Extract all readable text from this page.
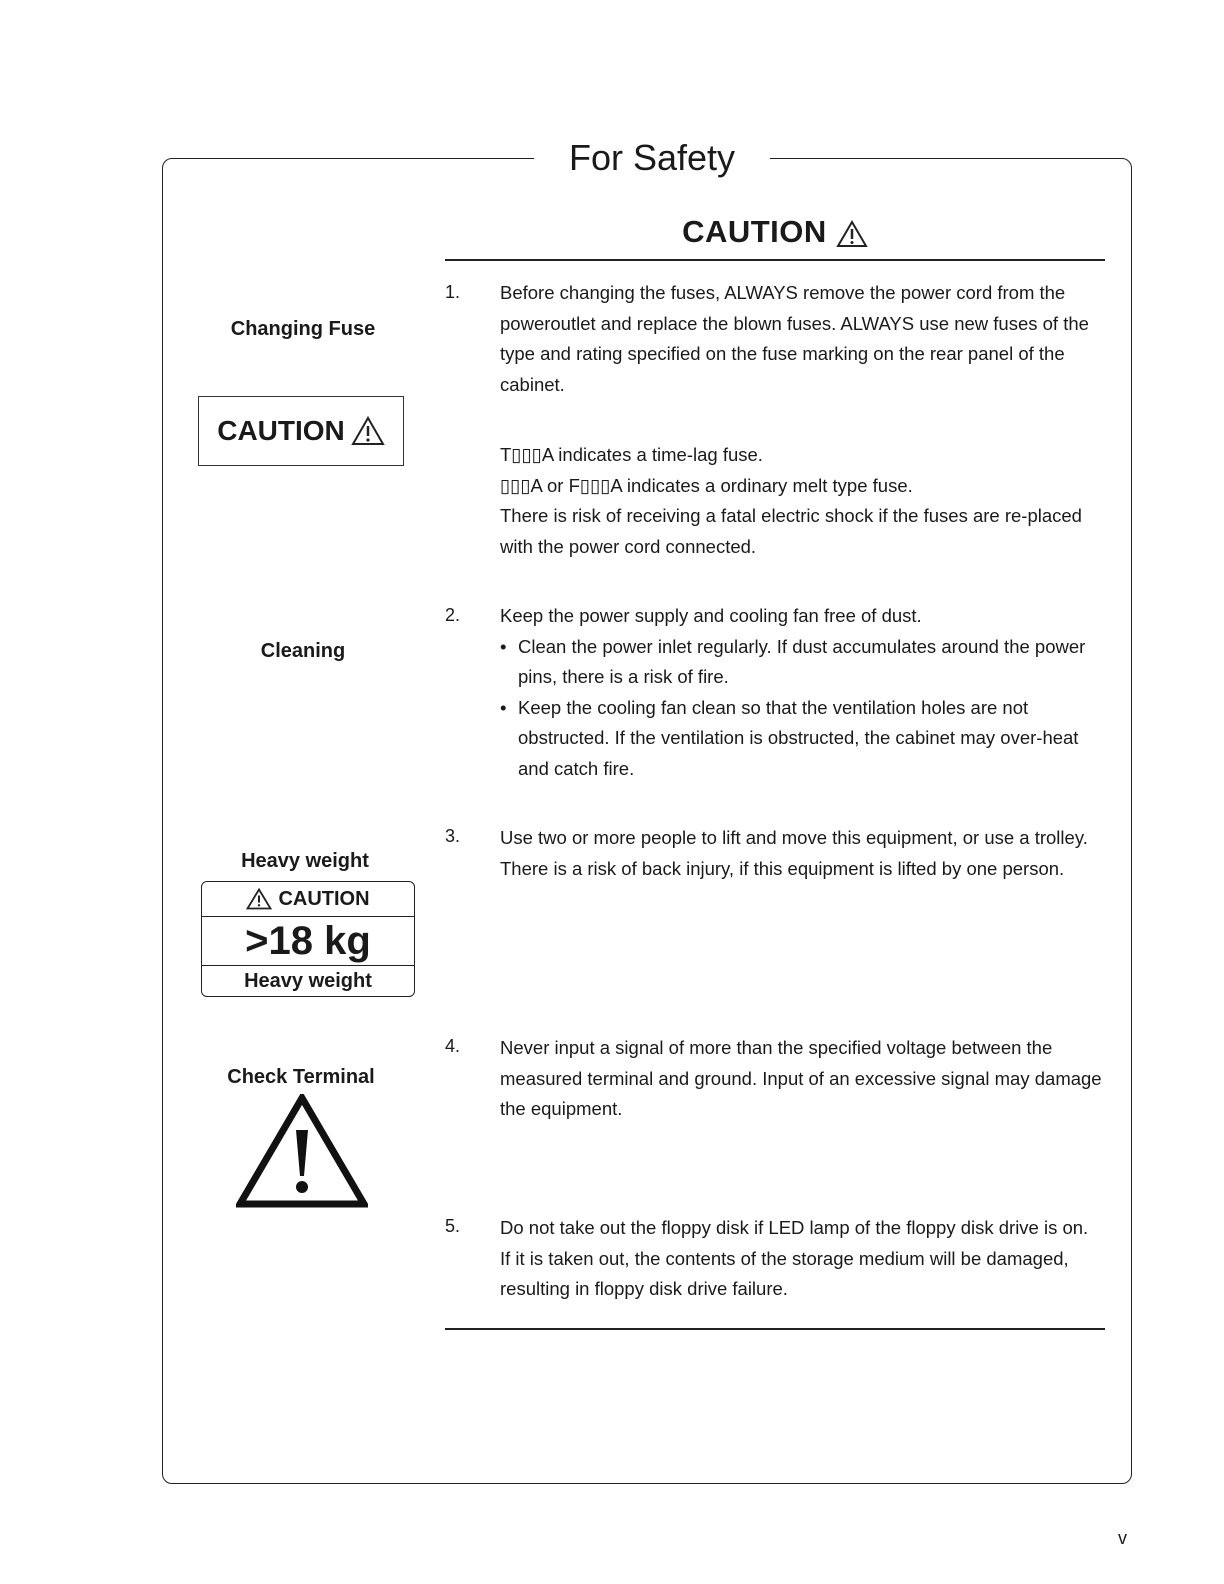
For Safety
CAUTION
Changing Fuse
CAUTION
Cleaning
Heavy weight
CAUTION
>18 kg
Heavy weight
Check Terminal
1. Before changing the fuses, ALWAYS remove the power cord from the poweroutlet and replace the blown fuses. ALWAYS use new fuses of the type and rating specified on the fuse marking on the rear panel of the cabinet.

T▯▯▯A indicates a time-lag fuse.

▯▯▯A or F▯▯▯A indicates a ordinary melt type fuse.

There is risk of receiving a fatal electric shock if the fuses are re-placed with the power cord connected.

2. Keep the power supply and cooling fan free of dust.

• Clean the power inlet regularly. If dust accumulates around the power pins, there is a risk of fire.
• Keep the cooling fan clean so that the ventilation holes are not obstructed. If the ventilation is obstructed, the cabinet may over-heat and catch fire.
3. Use two or more people to lift and move this equipment, or use a trolley. There is a risk of back injury, if this equipment is lifted by one person.

4. Never input a signal of more than the specified voltage between the measured terminal and ground. Input of an excessive signal may damage the equipment.

5. Do not take out the floppy disk if LED lamp of the floppy disk drive is on. If it is taken out, the contents of the storage medium will be damaged, resulting in floppy disk drive failure.

v
